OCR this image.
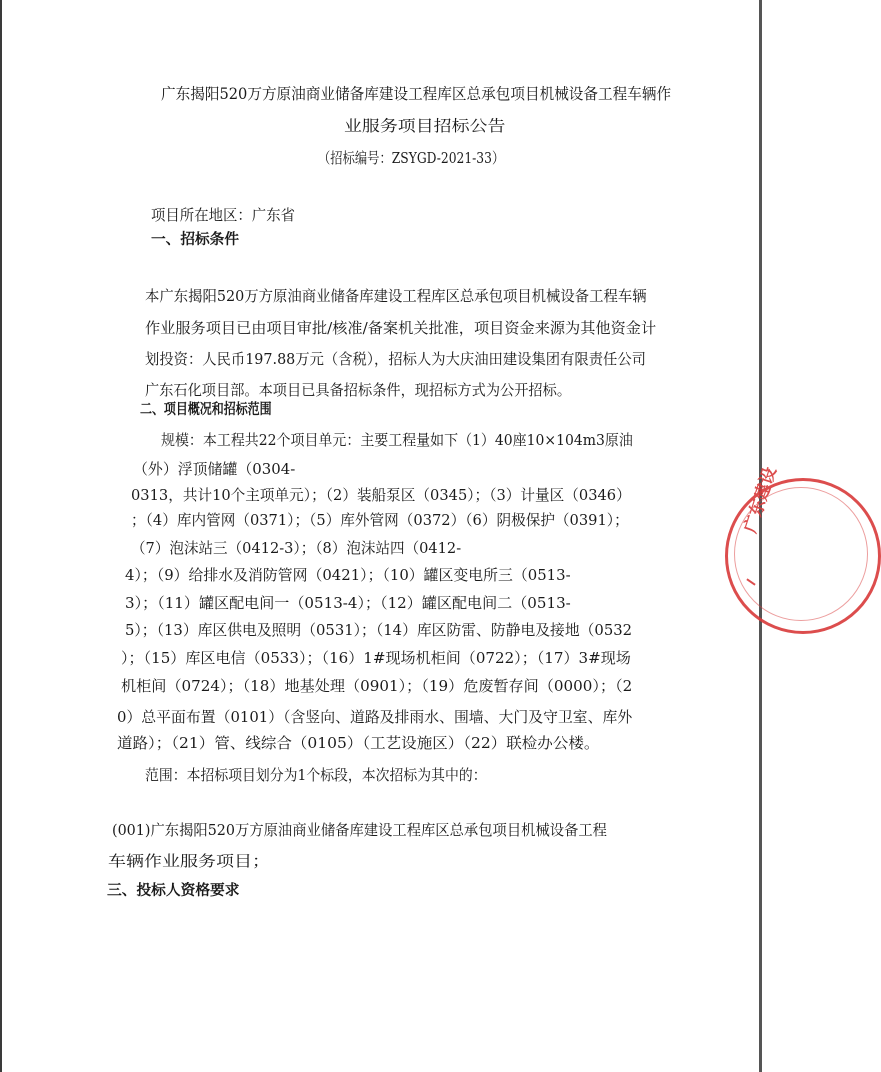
广东揭阳520万方原油商业储备库建设工程库区总承包项目机械设备工程车辆作
业服务项目招标公告
（招标编号：ZSYGD-2021-33）
项目所在地区：广东省
一、招标条件
本广东揭阳520万方原油商业储备库建设工程库区总承包项目机械设备工程车辆
作业服务项目已由项目审批/核准/备案机关批准，项目资金来源为其他资金计
划投资：人民币197.88万元（含税），招标人为大庆油田建设集团有限责任公司
广东石化项目部。本项目已具备招标条件，现招标方式为公开招标。
二、项目概况和招标范围
规模：本工程共22个项目单元：主要工程量如下（1）40座10×104m3原油
（外）浮顶储罐（0304-
0313，共计10个主项单元）；（2）装船泵区（0345）；（3）计量区（0346）
；（4）库内管网（0371）；（5）库外管网（0372）（6）阴极保护（0391）；
（7）泡沫站三（0412-3）；（8）泡沫站四（0412-
4）；（9）给排水及消防管网（0421）；（10）罐区变电所三（0513-
3）；（11）罐区配电间一（0513-4）；（12）罐区配电间二（0513-
5）；（13）库区供电及照明（0531）；（14）库区防雷、防静电及接地（0532
）；（15）库区电信（0533）；（16）1#现场机柜间（0722）；（17）3#现场
机柜间（0724）；（18）地基处理（0901）；（19）危废暂存间（0000）；（2
0）总平面布置（0101）（含竖向、道路及排雨水、围墙、大门及守卫室、库外
道路）；（21）管、线综合（0105）（工艺设施区）（22）联检办公楼。
范围：本招标项目划分为1个标段，本次招标为其中的：
(001)广东揭阳520万方原油商业储备库建设工程库区总承包项目机械设备工程
车辆作业服务项目；
三、投标人资格要求
广东建设
